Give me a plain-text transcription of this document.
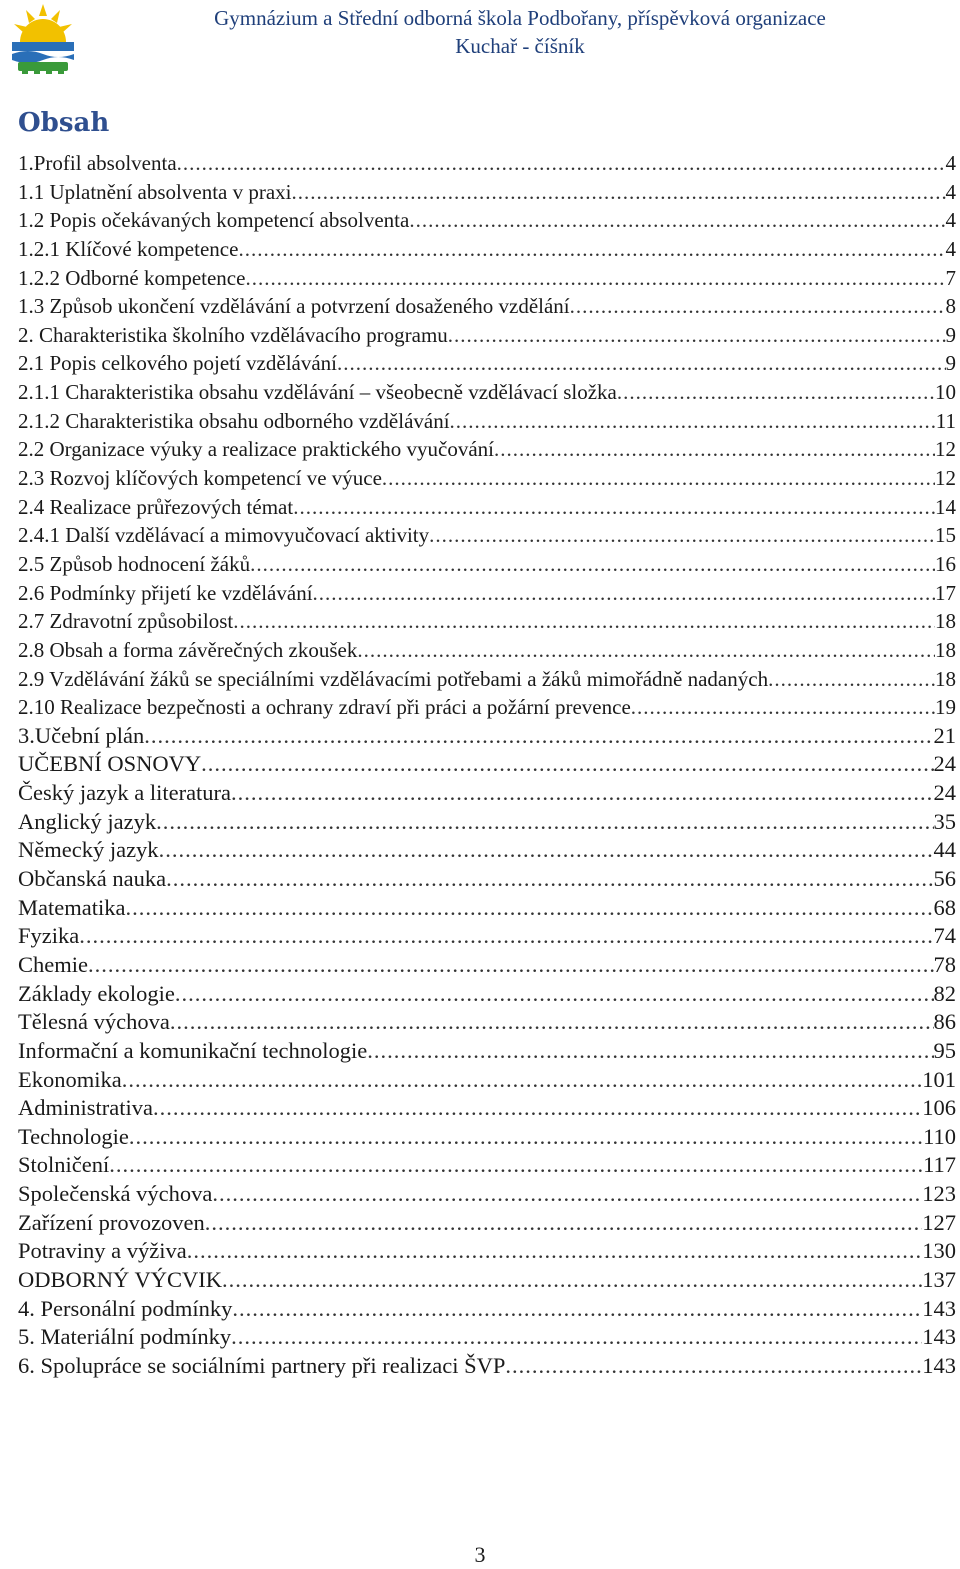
Gymnázium a Střední odborná škola Podbořany, příspěvková organizace
Kuchař - číšník
Obsah
1.Profil absolventa .....	4
1.1 Uplatnění absolventa v praxi .....	4
1.2 Popis očekávaných kompetencí absolventa .....	4
1.2.1 Klíčové kompetence .....	4
1.2.2 Odborné kompetence .....	7
1.3 Způsob ukončení vzdělávání a potvrzení dosaženého vzdělání .....	8
2. Charakteristika školního vzdělávacího programu .....	9
2.1 Popis celkového pojetí vzdělávání .....	9
2.1.1 Charakteristika obsahu vzdělávání – všeobecně vzdělávací složka .....	10
2.1.2 Charakteristika obsahu odborného vzdělávání .....	11
2.2 Organizace výuky a realizace praktického vyučování .....	12
2.3 Rozvoj klíčových kompetencí ve výuce .....	12
2.4 Realizace průřezových témat .....	14
2.4.1 Další vzdělávací a mimovyučovací aktivity .....	15
2.5 Způsob hodnocení žáků .....	16
2.6 Podmínky přijetí ke vzdělávání .....	17
2.7 Zdravotní způsobilost .....	18
2.8 Obsah a forma závěrečných zkoušek .....	18
2.9 Vzdělávání žáků se speciálními vzdělávacími potřebami a žáků mimořádně nadaných .....	18
2.10 Realizace bezpečnosti a ochrany zdraví při práci a požární prevence .....	19
3.Učební plán .....	21
UČEBNÍ OSNOVY .....	24
Český jazyk a literatura .....	24
Anglický jazyk .....	35
Německý jazyk .....	44
Občanská nauka .....	56
Matematika .....	68
Fyzika .....	74
Chemie .....	78
Základy ekologie .....	82
Tělesná výchova .....	86
Informační a komunikační technologie .....	95
Ekonomika .....	101
Administrativa .....	106
Technologie .....	110
Stolničení .....	117
Společenská výchova .....	123
Zařízení provozoven .....	127
Potraviny a výživa .....	130
ODBORNÝ VÝCVIK .....	137
4. Personální podmínky .....	143
5. Materiální podmínky .....	143
6. Spolupráce se sociálními partnery při realizaci ŠVP .....	143
3
